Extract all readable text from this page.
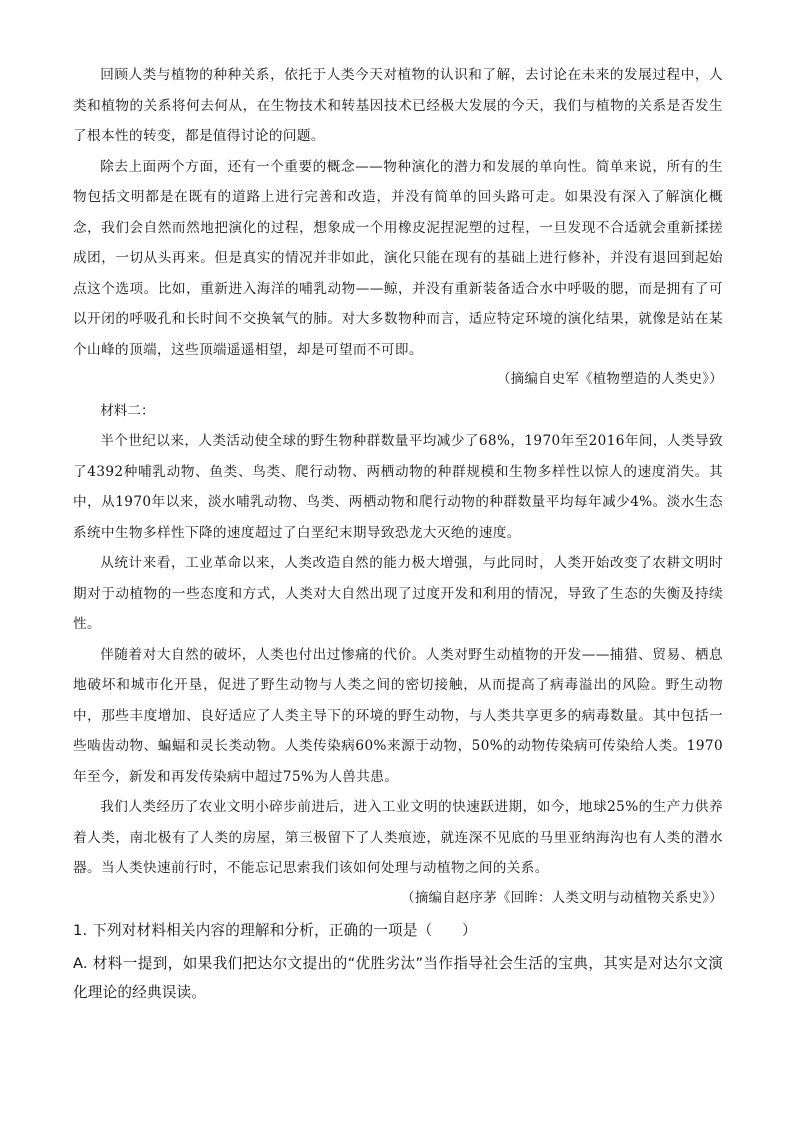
回顾人类与植物的种种关系，依托于人类今天对植物的认识和了解，去讨论在未来的发展过程中，人类和植物的关系将何去何从，在生物技术和转基因技术已经极大发展的今天，我们与植物的关系是否发生了根本性的转变，都是值得讨论的问题。

除去上面两个方面，还有一个重要的概念——物种演化的潜力和发展的单向性。简单来说，所有的生物包括文明都是在既有的道路上进行完善和改造，并没有简单的回头路可走。如果没有深入了解演化概念，我们会自然而然地把演化的过程，想象成一个用橡皮泥捏泥塑的过程，一旦发现不合适就会重新揉搓成团，一切从头再来。但是真实的情况并非如此，演化只能在现有的基础上进行修补，并没有退回到起始点这个选项。比如，重新进入海洋的哺乳动物——鲸，并没有重新装备适合水中呼吸的腮，而是拥有了可以开闭的呼吸孔和长时间不交换氧气的肺。对大多数物种而言，适应特定环境的演化结果，就像是站在某个山峰的顶端，这些顶端遥遥相望，却是可望而不可即。

（摘编自史军《植物塑造的人类史》）

材料二：

半个世纪以来，人类活动使全球的野生物种群数量平均减少了68%，1970年至2016年间，人类导致了4392种哺乳动物、鱼类、鸟类、爬行动物、两栖动物的种群规模和生物多样性以惊人的速度消失。其中，从1970年以来，淡水哺乳动物、鸟类、两栖动物和爬行动物的种群数量平均每年减少4%。淡水生态系统中生物多样性下降的速度超过了白垩纪末期导致恐龙大灭绝的速度。

从统计来看，工业革命以来，人类改造自然的能力极大增强，与此同时，人类开始改变了农耕文明时期对于动植物的一些态度和方式，人类对大自然出现了过度开发和利用的情况，导致了生态的失衡及持续性。

伴随着对大自然的破坏，人类也付出过惨痛的代价。人类对野生动植物的开发——捕猎、贸易、栖息地破坏和城市化开垦，促进了野生动物与人类之间的密切接触，从而提高了病毒溢出的风险。野生动物中，那些丰度增加、良好适应了人类主导下的环境的野生动物，与人类共享更多的病毒数量。其中包括一些啮齿动物、蝙蝠和灵长类动物。人类传染病60%来源于动物，50%的动物传染病可传染给人类。1970年至今，新发和再发传染病中超过75%为人兽共患。

我们人类经历了农业文明小碎步前进后，进入工业文明的快速跃进期，如今，地球25%的生产力供养着人类，南北极有了人类的房屋，第三极留下了人类痕迹，就连深不见底的马里亚纳海沟也有人类的潜水器。当人类快速前行时，不能忘记思索我们该如何处理与动植物之间的关系。

（摘编自赵序茅《回眸：人类文明与动植物关系史》）

1. 下列对材料相关内容的理解和分析，正确的一项是（　　）

A. 材料一提到，如果我们把达尔文提出的“优胜劣汰”当作指导社会生活的宝典，其实是对达尔文演化理论的经典误读。
